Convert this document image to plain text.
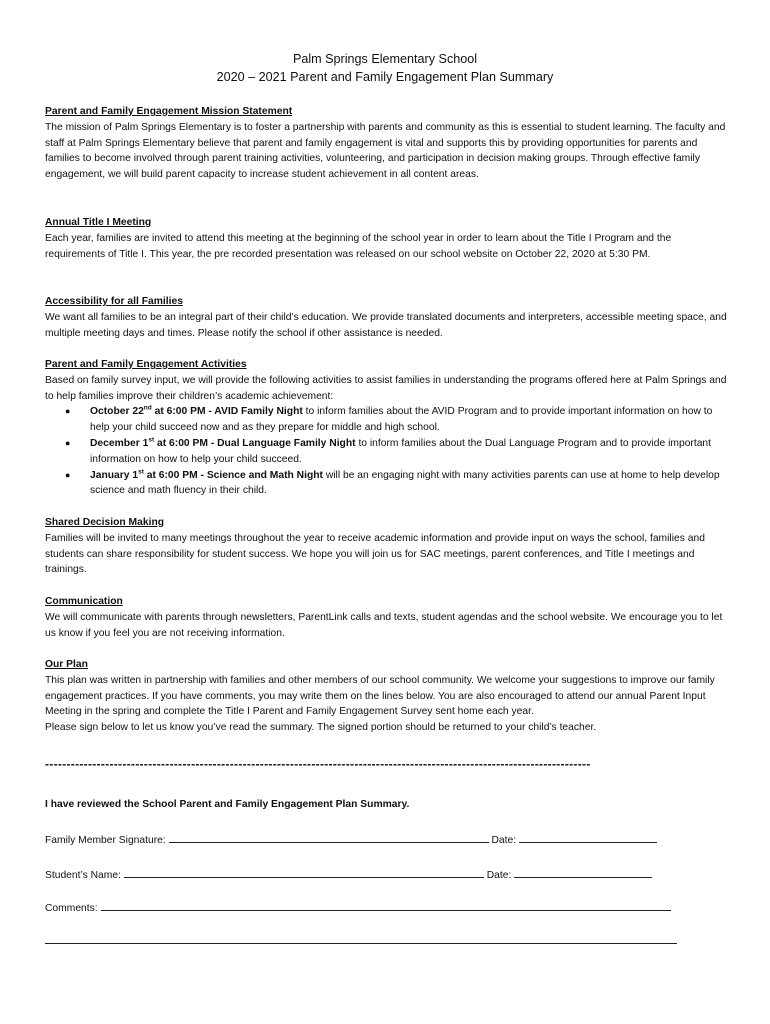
Palm Springs Elementary School
2020 – 2021 Parent and Family Engagement Plan Summary

Parent and Family Engagement Mission Statement

The mission of Palm Springs Elementary is to foster a partnership with parents and community as this is essential to student learning. The faculty and staff at Palm Springs Elementary believe that parent and family engagement is vital and supports this by providing opportunities for parents and families to become involved through parent training activities, volunteering, and participation in decision making groups. Through effective family engagement, we will build parent capacity to increase student achievement in all content areas.

Annual Title I Meeting

Each year, families are invited to attend this meeting at the beginning of the school year in order to learn about the Title I Program and the requirements of Title I. This year, the pre recorded presentation was released on our school website on October 22, 2020 at 5:30 PM.

Accessibility for all Families

We want all families to be an integral part of their child’s education. We provide translated documents and interpreters, accessible meeting space, and multiple meeting days and times. Please notify the school if other assistance is needed.

Parent and Family Engagement Activities

Based on family survey input, we will provide the following activities to assist families in understanding the programs offered here at Palm Springs and to help families improve their children’s academic achievement:

● October 22nd at 6:00 PM - AVID Family Night to inform families about the AVID Program and to provide important information on how to help your child succeed now and as they prepare for middle and high school.
● December 1st at 6:00 PM - Dual Language Family Night to inform families about the Dual Language Program and to provide important information on how to help your child succeed.
● January 1st at 6:00 PM - Science and Math Night will be an engaging night with many activities parents can use at home to help develop science and math fluency in their child.

Shared Decision Making

Families will be invited to many meetings throughout the year to receive academic information and provide input on ways the school, families and students can share responsibility for student success. We hope you will join us for SAC meetings, parent conferences, and Title I meetings and trainings.

Communication

We will communicate with parents through newsletters, ParentLink calls and texts, student agendas and the school website. We encourage you to let us know if you feel you are not receiving information.

Our Plan

This plan was written in partnership with families and other members of our school community. We welcome your suggestions to improve our family engagement practices. If you have comments, you may write them on the lines below. You are also encouraged to attend our annual Parent Input Meeting in the spring and complete the Title I Parent and Family Engagement Survey sent home each year.

Please sign below to let us know you’ve read the summary. The signed portion should be returned to your child’s teacher.

-------------------------------------------------------------------------------------------------------------------------------
I have reviewed the School Parent and Family Engagement Plan Summary.
Family Member Signature:	Date:
Student’s Name:	Date:
Comments:
